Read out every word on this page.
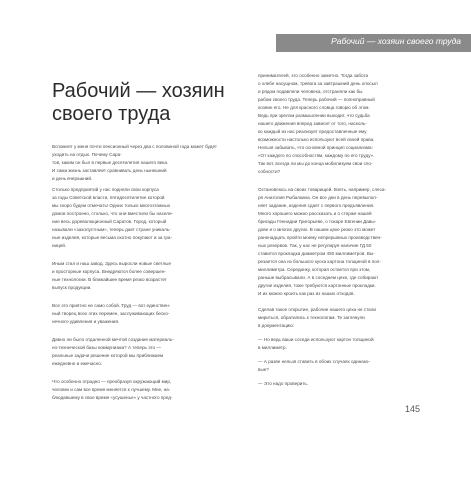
Рабочий — хозяин своего труда
Рабочий — хозяин
своего труда

Вспомнят у меня почти пенсионный через два с половиной года может будет уходить на отдых. Почему Сара-
тов, каким он был в первые десятилетия нашего века.
И сама жизнь заставляет сравнивать день нынешний
и день вчерашний.

Столько предприятий у нас подняли свои корпуса
за годы Советской власти, пятидесятилетие которой
мы скоро будем отмечать! Одних только многоэтажных
домов построено, столько, что они вместили бы населе-
ние весь дореволюционный Саратов. Город, который
называли «захолустным», теперь дает стране уникаль-
ные изделия, которые весьма охотно покупают и за гра-
ницей.

Иным стал и наш завод. Здесь выросли новые светлые
и просторные корпуса. Внедряются более совершен-
ные технологии. В ближайшее время резко возрастет
выпуск продукции.

Все это приятно не само собой. Труд — вот единствен-
ный творец всех этих перемен, заслуживающих беско-
нечного удивления и уважения.

Давно ли было отдаленной мечтой создание материаль-
но-технической базы коммунизма? А теперь это —
реальные задачи решение которой мы приближаем
ежедневно и ежечасно.

Что особенно отрадно — преобразуя окружающий мир,
человек и сам все время меняется к лучшему. Мне, на-
блюдавшему в свое время «усушенье» у частного пред-

принимателей, это особенно заметно. Тогда забота
о хлебе насущном, тревога за завтрашний день опосыл
и рядом подавляли человека, отстраняли как бы
рабом своего труда. Теперь рабочий — полноправный
хозяин его. Не для красного словца говорю об этом.
Ведь при зрелом размышлении выходит, что судьба
нашего движения вперед зависит от того, насколь-
ко каждый из нас реализует предоставленные ему
возможности настолько используют всей своей права.
Нельзя забывать, что основной принцип социализма:
«От каждого по способностям, каждому по его труду».
Так вот, всегда ли мы до конца мобилизуем свои спо-
собности?

Остановлюсь на своих товарищей. Взять, например, слеса-
ря Анатолия Рыбалкина. Он все дни в день перевыпол-
няет задание, изделия сдает с первого предъявления.
Много хорошего можно рассказать и о стерже нашей
бригады Геннадии Григорьеве, о токаре Евгении Давы-
дове и о многих других. В нашем цехе резко это может
раненадцать пройти моему непрерывных производствен-
ных резервов. Так, у нас не регулируя наличие ГД 50
ставится прокладка диаметром 450 миллиметров. Вы-
резается она из большого куска картона толщиной в пол-
миллиметра. Серединку, которая остается при этом,
раньше выбрасывали. А в соседнем цехе, где собирают
другие изделия, тоже требуются картонные прокладки.
И их можно кроить как раз из наших отходов.

Сделав такое открытие, рабочие нашего цеха не стали
мириться, обратились к технологам. Те заглянули
в документацию:

— Но ведь ваши соседи используют картон толщиной
в миллиметр.

— А разве нельзя ставить в обоих случаях одинако-
вые?

— Это надо проверить.

145
